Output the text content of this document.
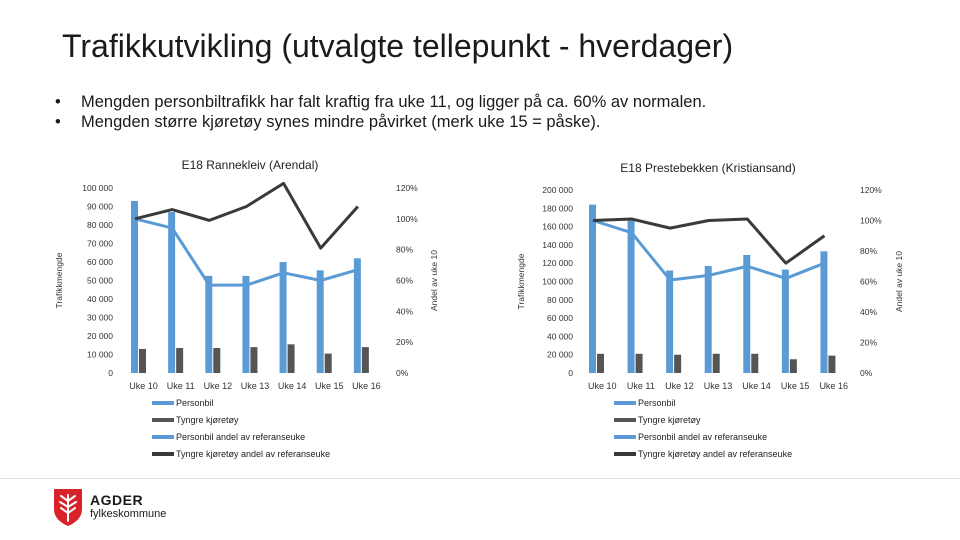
Trafikkutvikling (utvalgte tellepunkt - hverdager)
•	Mengden personbiltrafikk har falt kraftig fra uke 11, og ligger på ca. 60% av normalen.
•	Mengden større kjøretøy synes mindre påvirket (merk uke 15 = påske).
E18 Rannekleiv (Arendal)
0
10 000
20 000
30 000
40 000
50 000
60 000
70 000
80 000
90 000
100 000
0%
20%
40%
60%
80%
100%
120%
Trafikkmengde	Andel av uke 10
Uke 10 Uke 11 Uke 12 Uke 13 Uke 14 Uke 15 Uke 16
E18 Prestebekken (Kristiansand)
0
20 000
40 000
60 000
80 000
100 000
120 000
140 000
160 000
180 000
200 000
0%
20%
40%
60%
80%
100%
120%
Trafikkmengde	Andel av uke 10
Uke 10 Uke 11 Uke 12 Uke 13 Uke 14 Uke 15 Uke 16
Personbil
Tyngre kjøretøy
Personbil andel av referanseuke
Tyngre kjøretøy andel av referanseuke
Personbil
Tyngre kjøretøy
Personbil andel av referanseuke
Tyngre kjøretøy andel av referanseuke
AGDER
fylkeskommune
